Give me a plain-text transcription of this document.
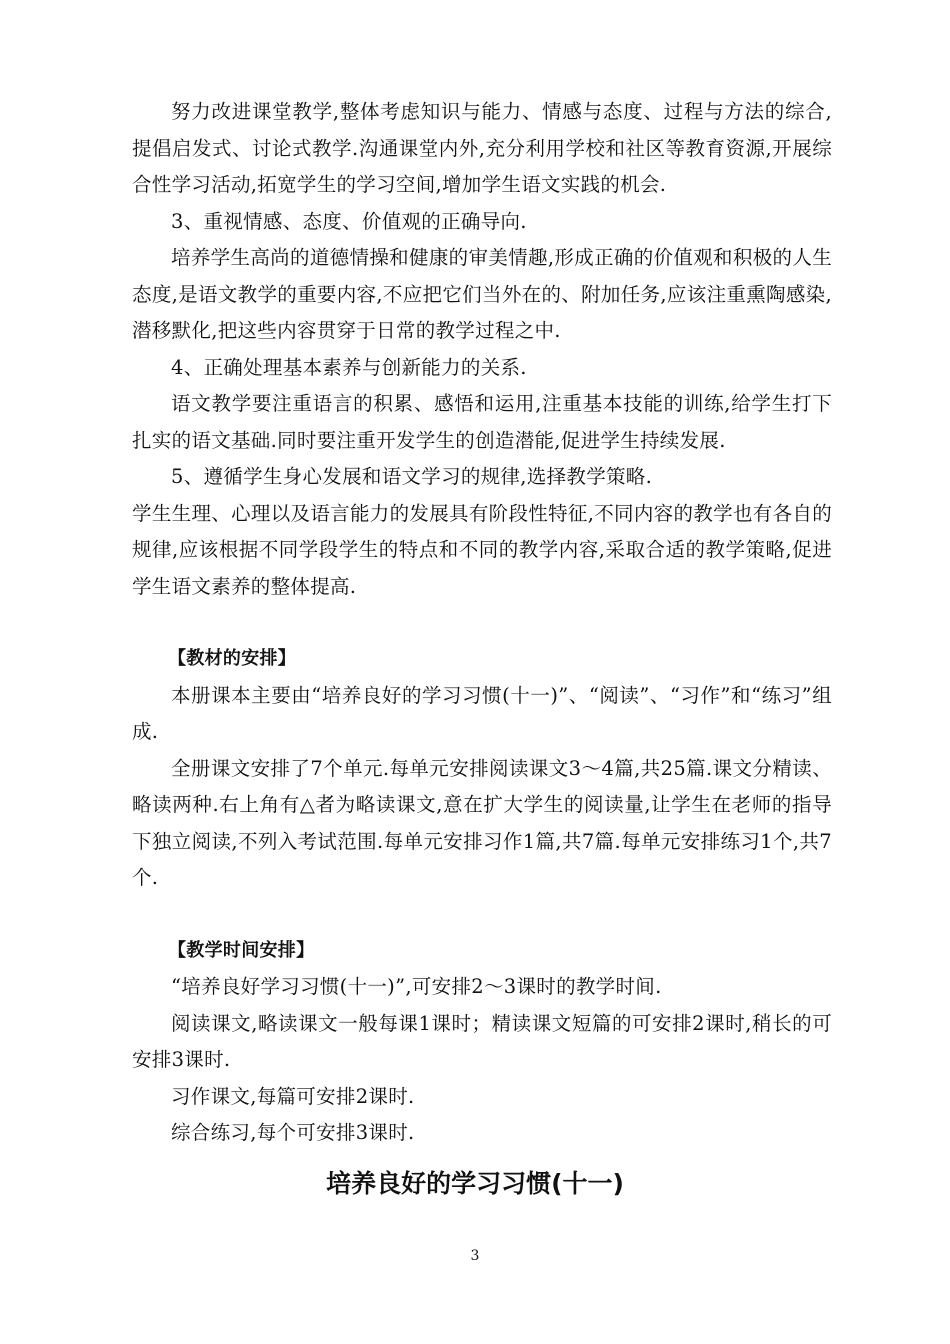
努力改进课堂教学,整体考虑知识与能力、情感与态度、过程与方法的综合,提倡启发式、讨论式教学.沟通课堂内外,充分利用学校和社区等教育资源,开展综合性学习活动,拓宽学生的学习空间,增加学生语文实践的机会.

3、重视情感、态度、价值观的正确导向.

培养学生高尚的道德情操和健康的审美情趣,形成正确的价值观和积极的人生态度,是语文教学的重要内容,不应把它们当外在的、附加任务,应该注重熏陶感染,潜移默化,把这些内容贯穿于日常的教学过程之中.

4、正确处理基本素养与创新能力的关系.

语文教学要注重语言的积累、感悟和运用,注重基本技能的训练,给学生打下扎实的语文基础.同时要注重开发学生的创造潜能,促进学生持续发展.

5、遵循学生身心发展和语文学习的规律,选择教学策略.

学生生理、心理以及语言能力的发展具有阶段性特征,不同内容的教学也有各自的规律,应该根据不同学段学生的特点和不同的教学内容,采取合适的教学策略,促进学生语文素养的整体提高.

【教材的安排】

本册课本主要由“培养良好的学习习惯(十一)”、“阅读”、“习作”和“练习”组成.

全册课文安排了7个单元.每单元安排阅读课文3～4篇,共25篇.课文分精读、略读两种.右上角有△者为略读课文,意在扩大学生的阅读量,让学生在老师的指导下独立阅读,不列入考试范围.每单元安排习作1篇,共7篇.每单元安排练习1个,共7个.

【教学时间安排】

“培养良好学习习惯(十一)”,可安排2～3课时的教学时间.

阅读课文,略读课文一般每课1课时；精读课文短篇的可安排2课时,稍长的可安排3课时.

习作课文,每篇可安排2课时.

综合练习,每个可安排3课时.

培养良好的学习习惯(十一)
3
